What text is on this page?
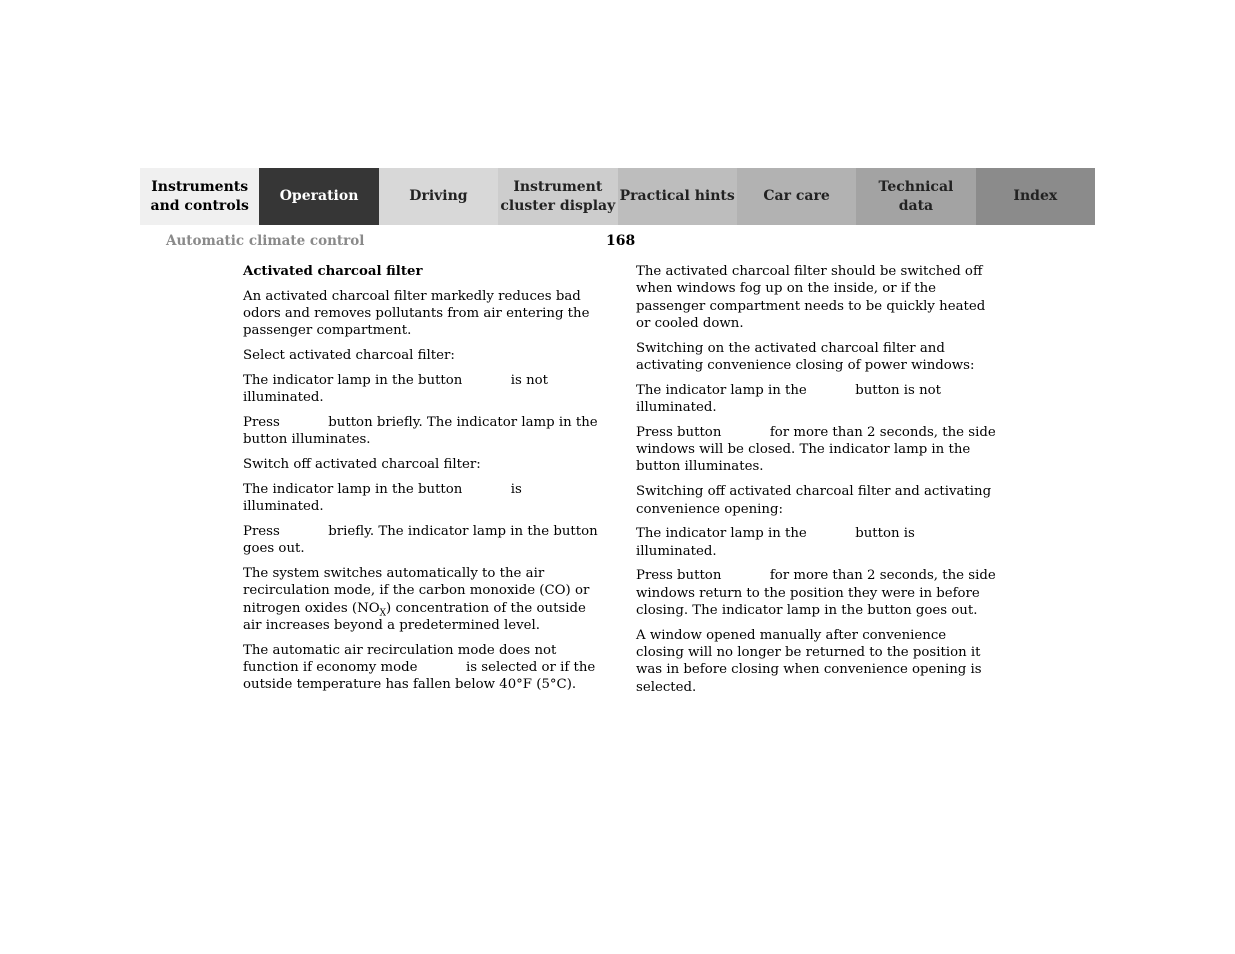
Instruments
and controls
Operation	Driving
Instrument
cluster display
Practical hints Car care
Technical
data
Index
Automatic climate control	168

Activated charcoal filter

An activated charcoal filter markedly reduces bad odors and removes pollutants from air entering the passenger compartment.

Select activated charcoal filter:

The indicator lamp in the button	is not illuminated.

Press	button briefly. The indicator lamp in the button illuminates.

Switch off activated charcoal filter:

The indicator lamp in the button	is illuminated.

Press	briefly. The indicator lamp in the button goes out.

The system switches automatically to the air recirculation mode, if the carbon monoxide (CO) or nitrogen oxides $(NO_X)$ concentration of the outside air increases beyond a predetermined level.

The automatic air recirculation mode does not function if economy mode	is selected or if the outside temperature has fallen below 40°F (5°C).

The activated charcoal filter should be switched off when windows fog up on the inside, or if the passenger compartment needs to be quickly heated or cooled down.

Switching on the activated charcoal filter and activating convenience closing of power windows:

The indicator lamp in the	button is not illuminated.

Press button	for more than 2 seconds, the side windows will be closed. The indicator lamp in the button illuminates.

Switching off activated charcoal filter and activating convenience opening:

The indicator lamp in the	button is illuminated.

Press button	for more than 2 seconds, the side windows return to the position they were in before closing. The indicator lamp in the button goes out.

A window opened manually after convenience closing will no longer be returned to the position it was in before closing when convenience opening is selected.
